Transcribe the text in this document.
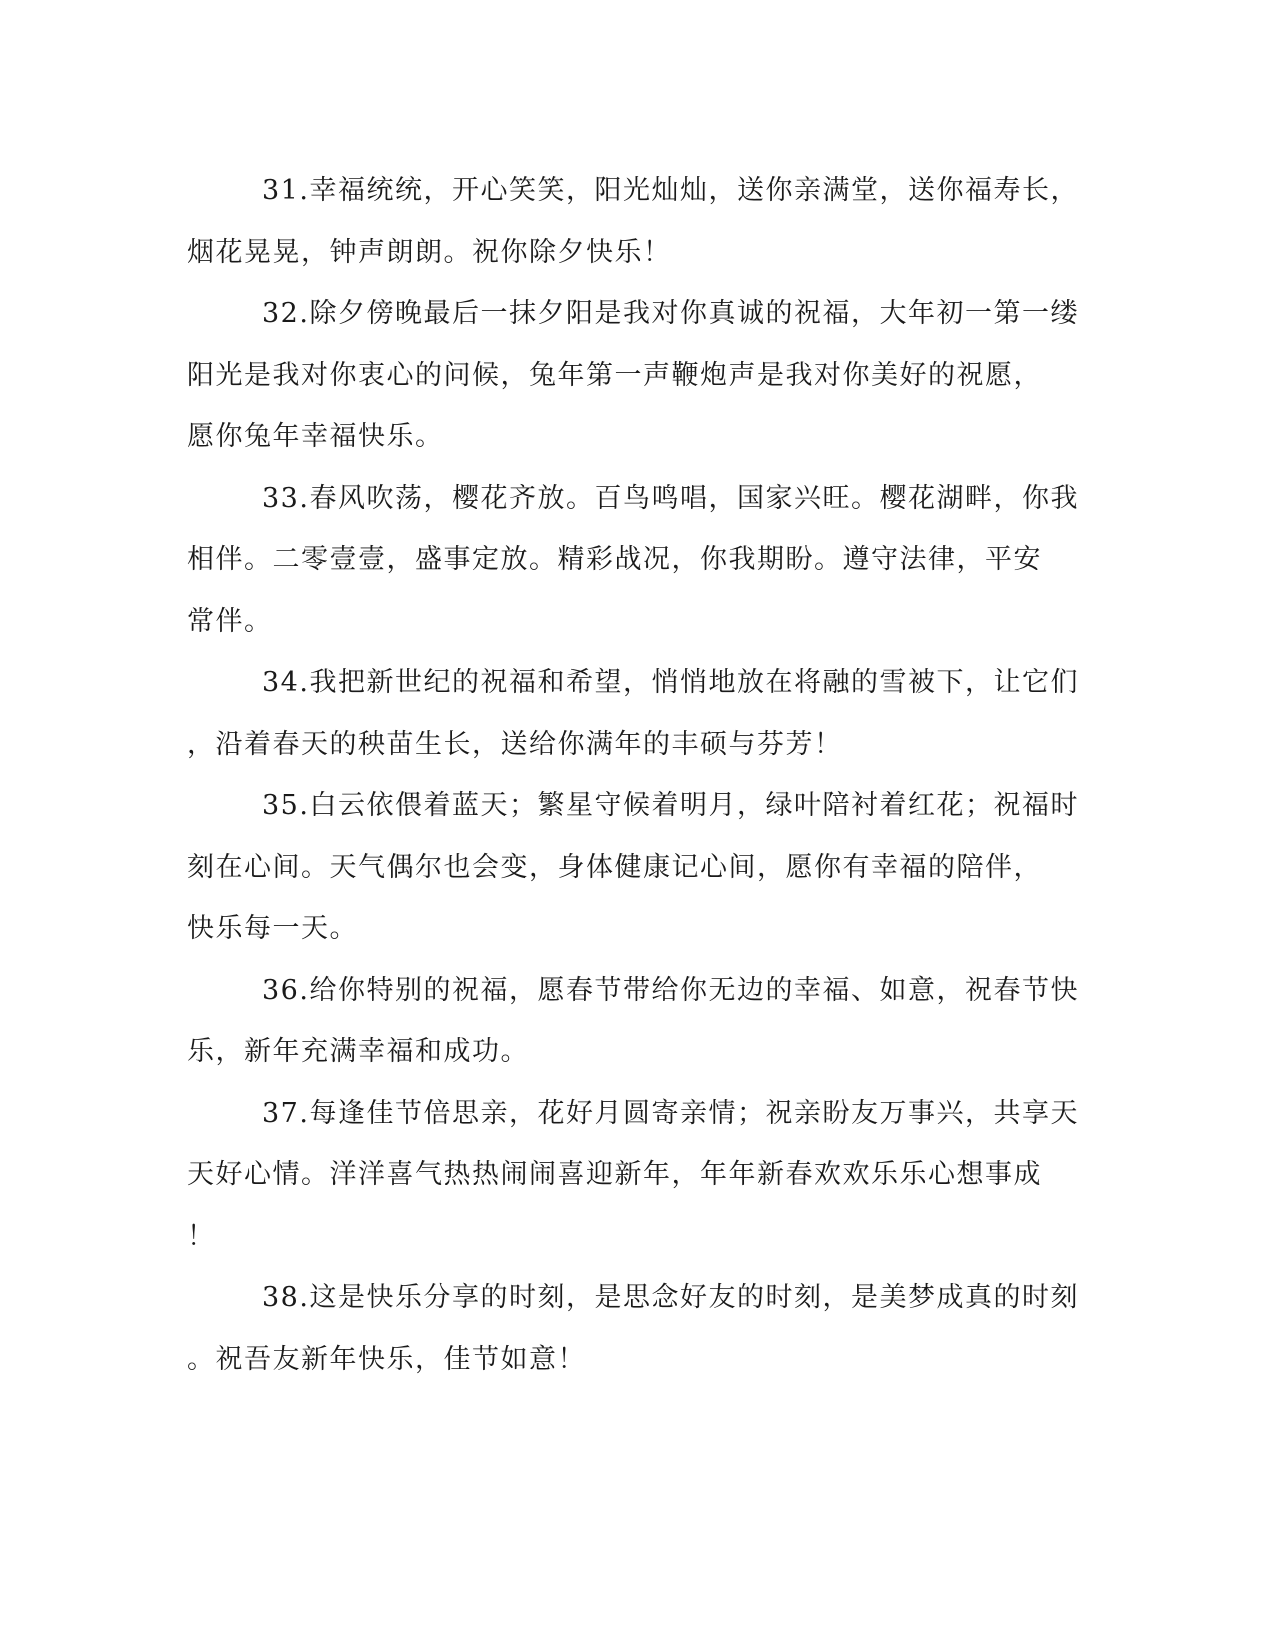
31.幸福统统，开心笑笑，阳光灿灿，送你亲满堂，送你福寿长，
烟花晃晃，钟声朗朗。祝你除夕快乐！

32.除夕傍晚最后一抹夕阳是我对你真诚的祝福，大年初一第一缕
阳光是我对你衷心的问候，兔年第一声鞭炮声是我对你美好的祝愿，
愿你兔年幸福快乐。

33.春风吹荡，樱花齐放。百鸟鸣唱，国家兴旺。樱花湖畔，你我
相伴。二零壹壹，盛事定放。精彩战况，你我期盼。遵守法律，平安
常伴。

34.我把新世纪的祝福和希望，悄悄地放在将融的雪被下，让它们
，沿着春天的秧苗生长，送给你满年的丰硕与芬芳！

35.白云依偎着蓝天；繁星守候着明月，绿叶陪衬着红花；祝福时
刻在心间。天气偶尔也会变，身体健康记心间，愿你有幸福的陪伴，
快乐每一天。

36.给你特别的祝福，愿春节带给你无边的幸福、如意，祝春节快
乐，新年充满幸福和成功。

37.每逢佳节倍思亲，花好月圆寄亲情；祝亲盼友万事兴，共享天
天好心情。洋洋喜气热热闹闹喜迎新年，年年新春欢欢乐乐心想事成
！

38.这是快乐分享的时刻，是思念好友的时刻，是美梦成真的时刻
。祝吾友新年快乐，佳节如意！
